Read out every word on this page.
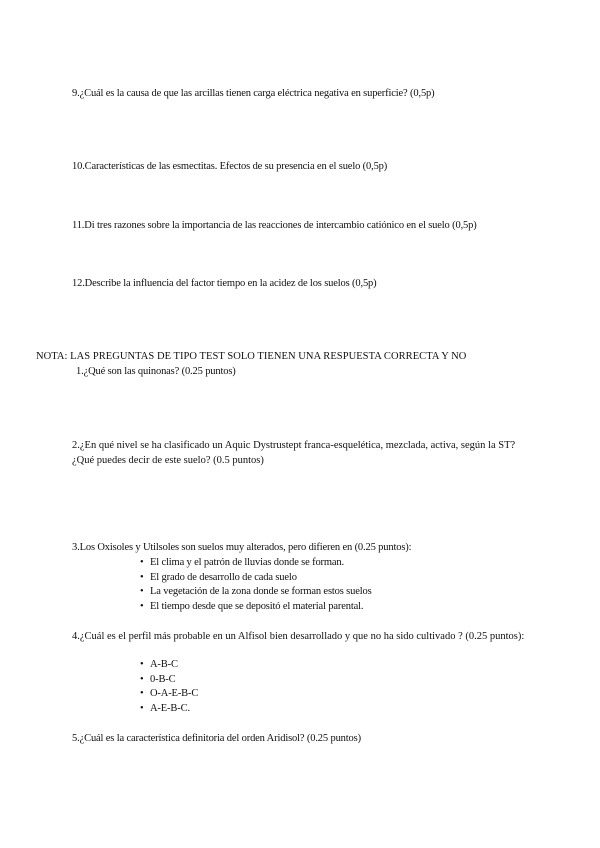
9.¿Cuál es la causa de que las arcillas tienen carga eléctrica negativa en superficie? (0,5p)
10.Características de las esmectitas. Efectos de su presencia en el suelo (0,5p)
11.Di tres razones sobre la importancia de las reacciones de intercambio catiónico en el suelo (0,5p)
12.Describe la influencia del factor tiempo en la acidez de los suelos (0,5p)
NOTA: LAS PREGUNTAS DE TIPO TEST SOLO TIENEN UNA RESPUESTA CORRECTA Y NO
1.¿Qué son las quinonas? (0.25 puntos)
2.¿En qué nivel se ha clasificado un Aquic Dystrustept franca-esquelética, mezclada, activa, según la ST? ¿Qué puedes decir de este suelo? (0.5 puntos)
3.Los Oxisoles y Utilsoles son suelos muy alterados, pero difieren en (0.25 puntos):
• El clima y el patrón de lluvias donde se forman.
• El grado de desarrollo de cada suelo
• La vegetación de la zona donde se forman estos suelos
• El tiempo desde que se depositó el material parental.
4.¿Cuál es el perfil más probable en un Alfisol bien desarrollado y que no ha sido cultivado ? (0.25 puntos):
• A-B-C
• 0-B-C
• O-A-E-B-C
• A-E-B-C.
5.¿Cuál es la característica definitoria del orden Aridisol? (0.25 puntos)
